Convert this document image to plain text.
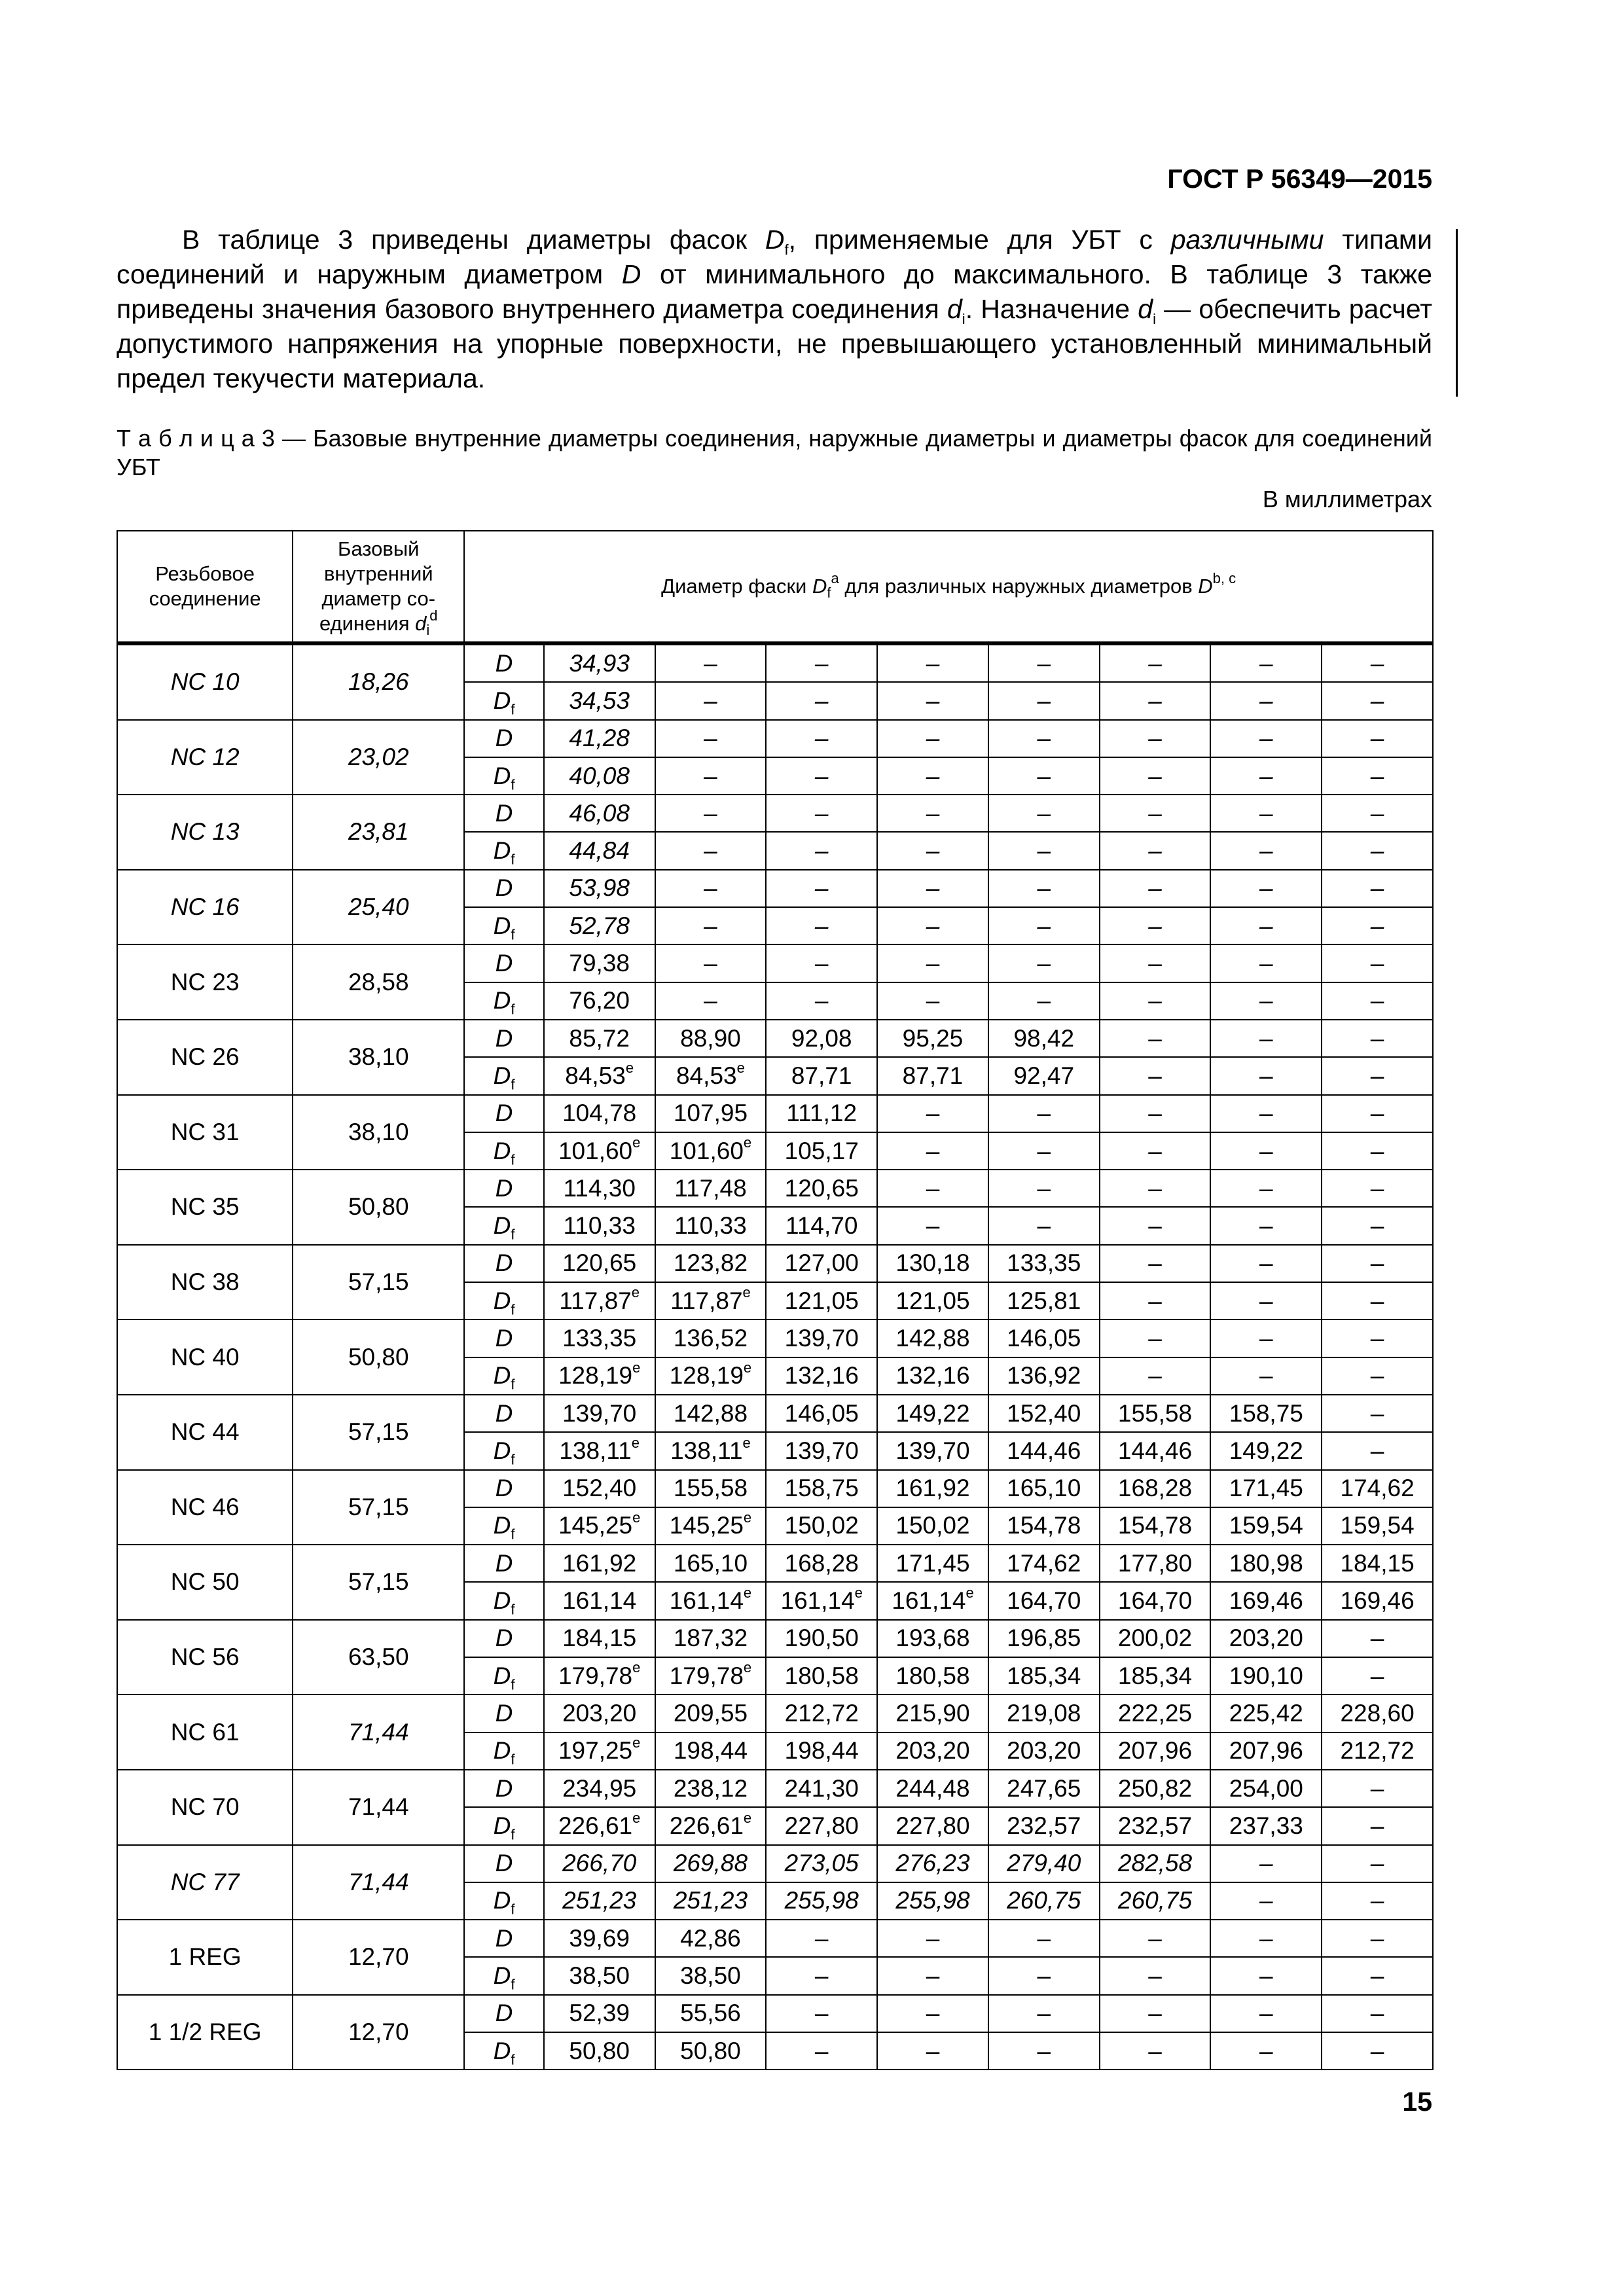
ГОСТ Р 56349—2015

В таблице 3 приведены диаметры фасок $D_f$, применяемые для УБТ с различными типами соединений и наружным диаметром D от минимального до максимального. В таблице 3 также приведены значения базового внутреннего диаметра соединения $d_i$. Назначение $d_i$ — обеспечить расчет допустимого напряжения на упорные поверхности, не превышающего установленный минимальный предел текучести материала.

Т а б л и ц а 3 — Базовые внутренние диаметры соединения, наружные диаметры и диаметры фасок для соединений УБТ

В миллиметрах
Резьбовое соединение	Базовый внутренний диаметр со-единения $d_i^d$	Диаметр фаски $D_f^a$ для различных наружных диаметров D$^{b, c}$
NC 10	18,26	D	34,93	–	–	–	–	–	–	–
		$D_f$	34,53	–	–	–	–	–	–	–
NC 12	23,02	D	41,28	–	–	–	–	–	–	–
		$D_f$	40,08	–	–	–	–	–	–	–
NC 13	23,81	D	46,08	–	–	–	–	–	–	–
		$D_f$	44,84	–	–	–	–	–	–	–
NC 16	25,40	D	53,98	–	–	–	–	–	–	–
		$D_f$	52,78	–	–	–	–	–	–	–
NC 23	28,58	D	79,38	–	–	–	–	–	–	–
		$D_f$	76,20	–	–	–	–	–	–	–
NC 26	38,10	D	85,72	88,90	92,08	95,25	98,42	–	–	–
		$D_f$	84,53e	84,53e	87,71	87,71	92,47	–	–	–
NC 31	38,10	D	104,78	107,95	111,12	–	–	–	–	–
		$D_f$	101,60e	101,60e	105,17	–	–	–	–	–
NC 35	50,80	D	114,30	117,48	120,65	–	–	–	–	–
		$D_f$	110,33	110,33	114,70	–	–	–	–	–
NC 38	57,15	D	120,65	123,82	127,00	130,18	133,35	–	–	–
		$D_f$	117,87e	117,87e	121,05	121,05	125,81	–	–	–
NC 40	50,80	D	133,35	136,52	139,70	142,88	146,05	–	–	–
		$D_f$	128,19e	128,19e	132,16	132,16	136,92	–	–	–
NC 44	57,15	D	139,70	142,88	146,05	149,22	152,40	155,58	158,75	–
		$D_f$	138,11e	138,11e	139,70	139,70	144,46	144,46	149,22	–
NC 46	57,15	D	152,40	155,58	158,75	161,92	165,10	168,28	171,45	174,62
		$D_f$	145,25e	145,25e	150,02	150,02	154,78	154,78	159,54	159,54
NC 50	57,15	D	161,92	165,10	168,28	171,45	174,62	177,80	180,98	184,15
		$D_f$	161,14	161,14e	161,14e	161,14e	164,70	164,70	169,46	169,46
NC 56	63,50	D	184,15	187,32	190,50	193,68	196,85	200,02	203,20	–
		$D_f$	179,78e	179,78e	180,58	180,58	185,34	185,34	190,10	–
NC 61	71,44	D	203,20	209,55	212,72	215,90	219,08	222,25	225,42	228,60
		$D_f$	197,25e	198,44	198,44	203,20	203,20	207,96	207,96	212,72
NC 70	71,44	D	234,95	238,12	241,30	244,48	247,65	250,82	254,00	–
		$D_f$	226,61e	226,61e	227,80	227,80	232,57	232,57	237,33	–
NC 77	71,44	D	266,70	269,88	273,05	276,23	279,40	282,58	–	–
		$D_f$	251,23	251,23	255,98	255,98	260,75	260,75	–	–
1 REG	12,70	D	39,69	42,86	–	–	–	–	–	–
		$D_f$	38,50	38,50	–	–	–	–	–	–
1 1/2 REG	12,70	D	52,39	55,56	–	–	–	–	–	–
		$D_f$	50,80	50,80	–	–	–	–	–	–
15
